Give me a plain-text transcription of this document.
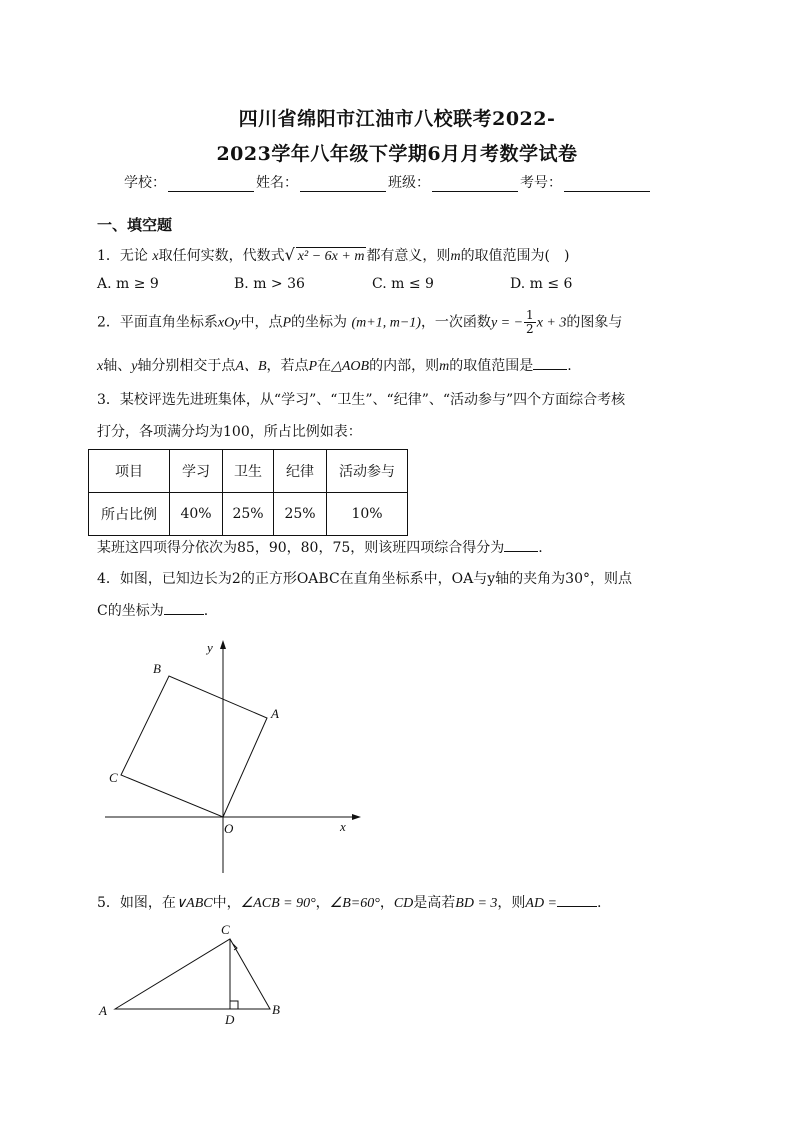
四川省绵阳市江油市八校联考2022-
2023学年八年级下学期6月月考数学试卷
学校：	姓名：	班级：	考号：
一、填空题
1．无论 x取任何实数，代数式√ x² − 6x + m 都有意义，则m的取值范围为(　)
A. m ≥ 9	B. m > 36	C. m ≤ 9	D. m ≤ 6
2．平面直角坐标系xOy中，点P的坐标为 (m+1, m−1)，一次函数y = − $\frac{1}{2}$ x + 3的图象与
x轴、y轴分别相交于点A、B，若点P在△AOB的内部，则m的取值范围是 .
3．某校评选先进班集体，从“学习”、“卫生”、“纪律”、“活动参与”四个方面综合考核
打分，各项满分均为100，所占比例如表：
项目	学习	卫生	纪律	活动参与
所占比例	40%	25%	25%	10%
某班这四项得分依次为85，90，80，75，则该班四项综合得分为 .
4．如图，已知边长为2的正方形OABC在直角坐标系中，OA与y轴的夹角为30°，则点
C的坐标为	.
y
x
O
A
B
C
5．如图，在∨ABC中，∠ACB = 90°，∠B=60°，CD是高若BD = 3，则AD =	.
C
A
D
B
